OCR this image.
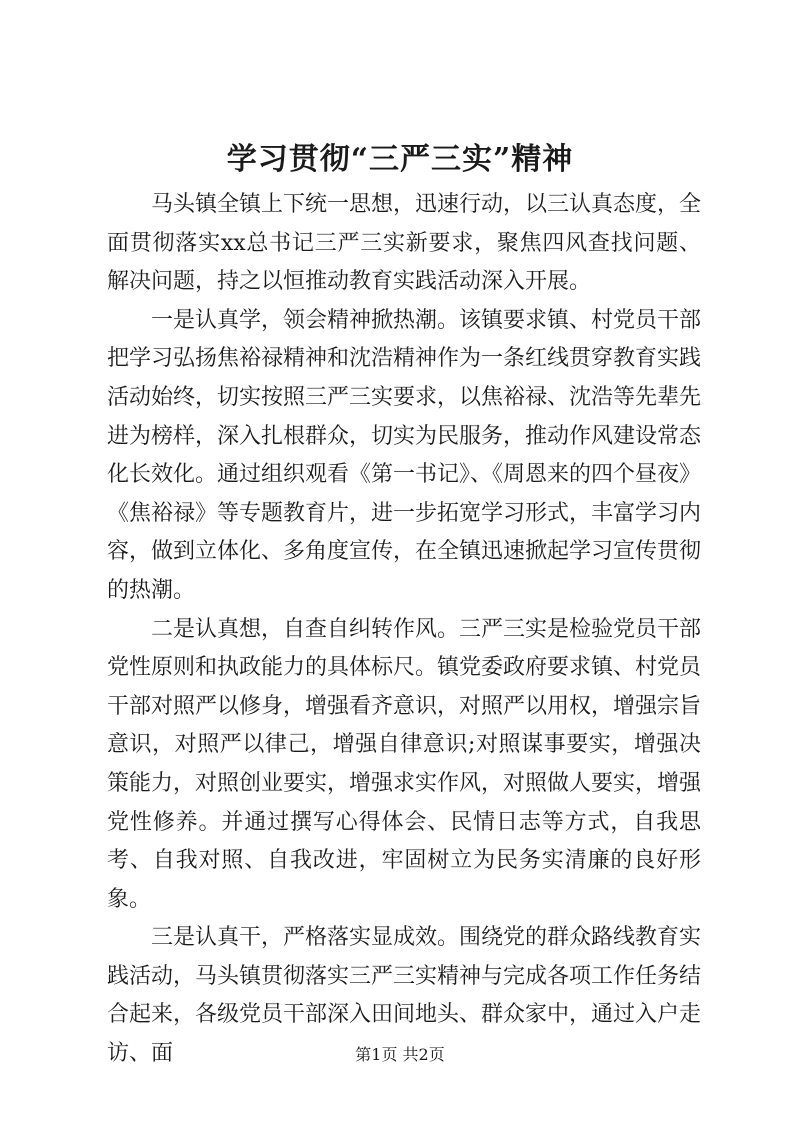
学习贯彻“三严三实”精神

马头镇全镇上下统一思想，迅速行动，以三认真态度，全面贯彻落实xx总书记三严三实新要求，聚焦四风查找问题、解决问题，持之以恒推动教育实践活动深入开展。

一是认真学，领会精神掀热潮。该镇要求镇、村党员干部把学习弘扬焦裕禄精神和沈浩精神作为一条红线贯穿教育实践活动始终，切实按照三严三实要求，以焦裕禄、沈浩等先辈先进为榜样，深入扎根群众，切实为民服务，推动作风建设常态化长效化。通过组织观看《第一书记》、《周恩来的四个昼夜》《焦裕禄》等专题教育片，进一步拓宽学习形式，丰富学习内容，做到立体化、多角度宣传，在全镇迅速掀起学习宣传贯彻的热潮。

二是认真想，自查自纠转作风。三严三实是检验党员干部党性原则和执政能力的具体标尺。镇党委政府要求镇、村党员干部对照严以修身，增强看齐意识，对照严以用权，增强宗旨意识，对照严以律己，增强自律意识;对照谋事要实，增强决策能力，对照创业要实，增强求实作风，对照做人要实，增强党性修养。并通过撰写心得体会、民情日志等方式，自我思考、自我对照、自我改进，牢固树立为民务实清廉的良好形象。

三是认真干，严格落实显成效。围绕党的群众路线教育实践活动，马头镇贯彻落实三严三实精神与完成各项工作任务结合起来，各级党员干部深入田间地头、群众家中，通过入户走访、面	第1页 共2页
